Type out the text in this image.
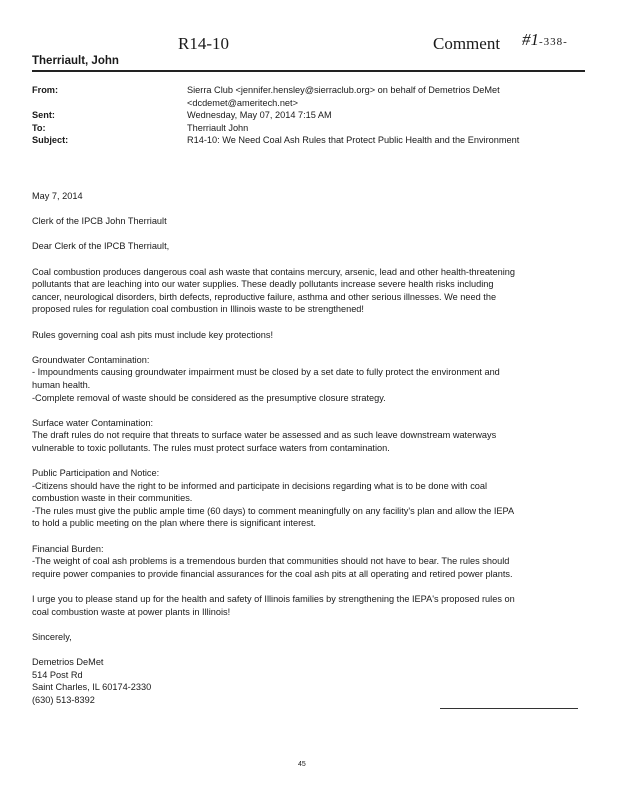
R14-10	Comment #1-338-
Therriault, John
From:	Sierra Club <jennifer.hensley@sierraclub.org> on behalf of Demetrios DeMet
<dcdemet@ameritech.net>
Sent:	Wednesday, May 07, 2014 7:15 AM
To:	Therriault John
Subject:	R14-10: We Need Coal Ash Rules that Protect Public Health and the Environment

May 7, 2014

Clerk of the IPCB John Therriault

Dear Clerk of the IPCB Therriault,

Coal combustion produces dangerous coal ash waste that contains mercury, arsenic, lead and other health-threatening
pollutants that are leaching into our water supplies. These deadly pollutants increase severe health risks including
cancer, neurological disorders, birth defects, reproductive failure, asthma and other serious illnesses. We need the
proposed rules for regulation coal combustion in Illinois waste to be strengthened!

Rules governing coal ash pits must include key protections!

Groundwater Contamination:
- Impoundments causing groundwater impairment must be closed by a set date to fully protect the environment and
human health.
-Complete removal of waste should be considered as the presumptive closure strategy.

Surface water Contamination:
The draft rules do not require that threats to surface water be assessed and as such leave downstream waterways
vulnerable to toxic pollutants. The rules must protect surface waters from contamination.

Public Participation and Notice:
-Citizens should have the right to be informed and participate in decisions regarding what is to be done with coal
combustion waste in their communities.
-The rules must give the public ample time (60 days) to comment meaningfully on any facility's plan and allow the IEPA
to hold a public meeting on the plan where there is significant interest.

Financial Burden:
-The weight of coal ash problems is a tremendous burden that communities should not have to bear. The rules should
require power companies to provide financial assurances for the coal ash pits at all operating and retired power plants.

I urge you to please stand up for the health and safety of Illinois families by strengthening the IEPA's proposed rules on
coal combustion waste at power plants in Illinois!

Sincerely,

Demetrios DeMet
514 Post Rd
Saint Charles, IL 60174-2330
(630) 513-8392

45
